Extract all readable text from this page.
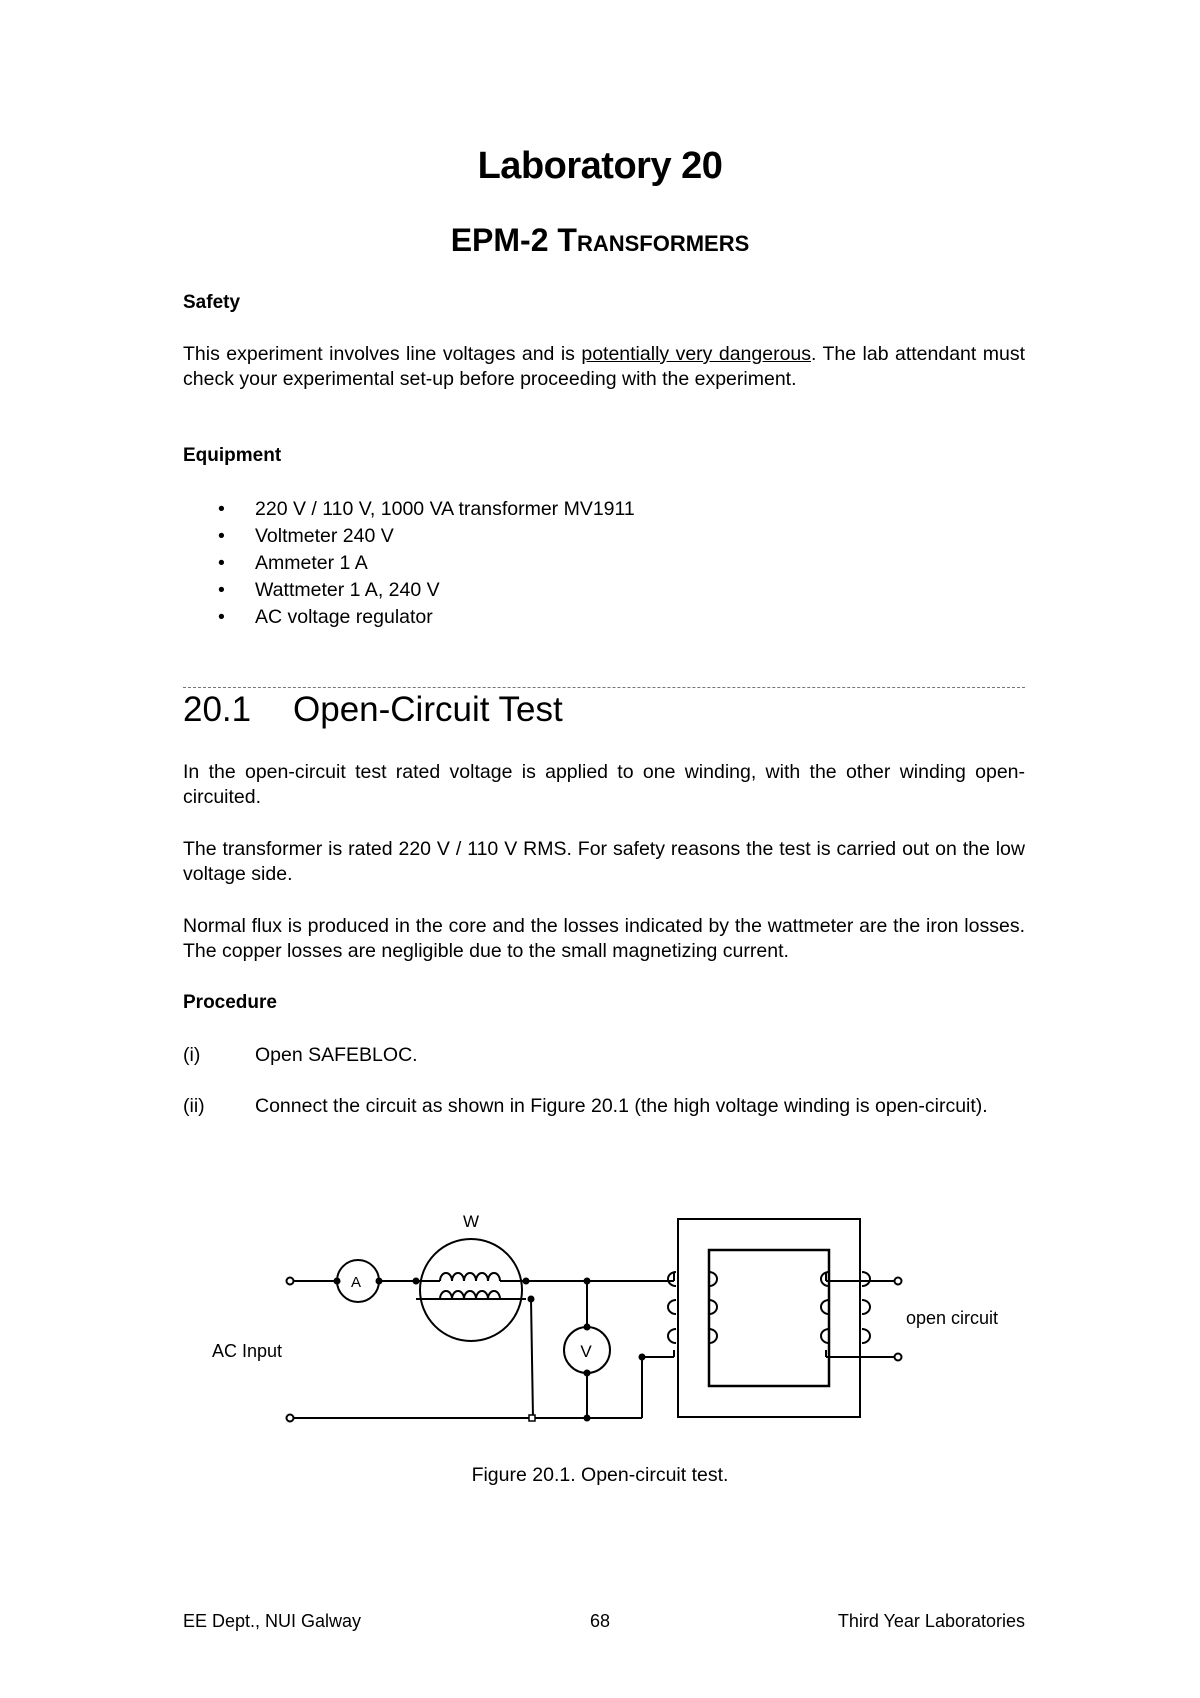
Laboratory 20
EPM-2 Transformers
Safety
This experiment involves line voltages and is potentially very dangerous. The lab attendant must check your experimental set-up before proceeding with the experiment.
Equipment
• 220 V / 110 V, 1000 VA transformer MV1911
• Voltmeter 240 V
• Ammeter 1 A
• Wattmeter 1 A, 240 V
• AC voltage regulator
20.1 Open-Circuit Test
In the open-circuit test rated voltage is applied to one winding, with the other winding open-circuited.
The transformer is rated 220 V / 110 V RMS. For safety reasons the test is carried out on the low voltage side.
Normal flux is produced in the core and the losses indicated by the wattmeter are the iron losses. The copper losses are negligible due to the small magnetizing current.
Procedure
(i)	Open SAFEBLOC.
(ii)	Connect the circuit as shown in Figure 20.1 (the high voltage winding is open-circuit).
W
A
V
AC Input
open circuit
Figure 20.1. Open-circuit test.
EE Dept., NUI Galway	68	Third Year Laboratories
